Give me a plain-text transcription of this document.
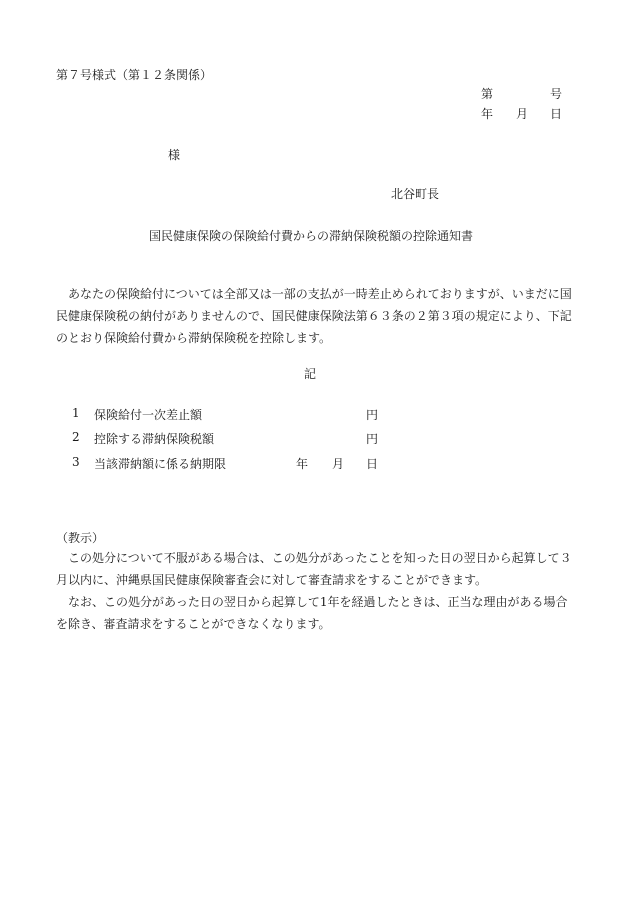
第７号様式（第１２条関係）
第	号
年 月 日
様
北谷町長
国民健康保険の保険給付費からの滞納保険税額の控除通知書
あなたの保険給付については全部又は一部の支払が一時差止められておりますが、いまだに国
民健康保険税の納付がありませんので、国民健康保険法第６３条の２第３項の規定により、下記
のとおり保険給付費から滞納保険税を控除します。
記
1 保険給付一次差止額	円
2 控除する滞納保険税額	円
3 当該滞納額に係る納期限	年 月 日
（教示）
この処分について不服がある場合は、この処分があったことを知った日の翌日から起算して３
月以内に、沖縄県国民健康保険審査会に対して審査請求をすることができます。
なお、この処分があった日の翌日から起算して1年を経過したときは、正当な理由がある場合
を除き、審査請求をすることができなくなります。
